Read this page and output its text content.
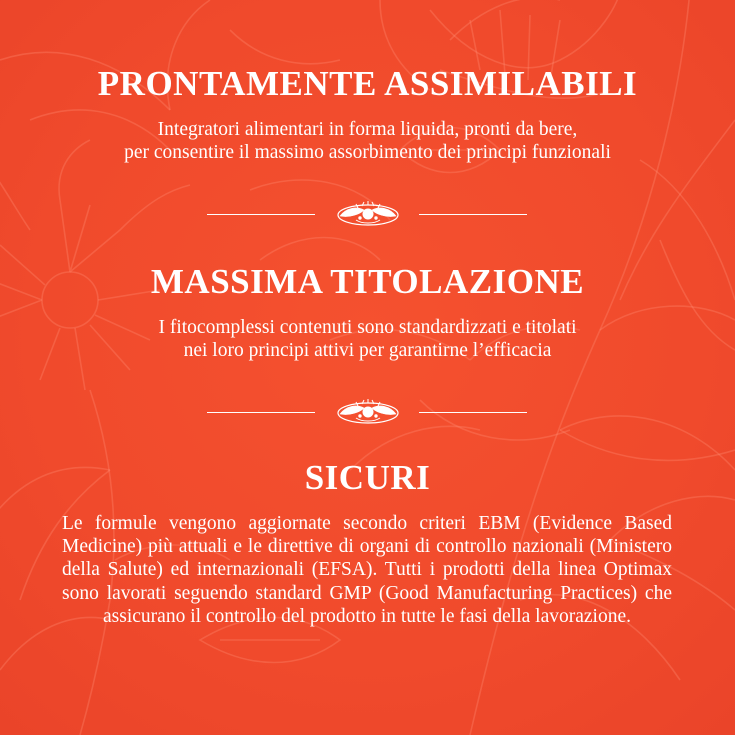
PRONTAMENTE ASSIMILABILI

Integratori alimentari in forma liquida, pronti da bere,
per consentire il massimo assorbimento dei principi funzionali

MASSIMA TITOLAZIONE

I fitocomplessi contenuti sono standardizzati e titolati
nei loro principi attivi per garantirne l’efficacia

SICURI

Le formule vengono aggiornate secondo criteri EBM (Evidence Based Medicine) più attuali e le direttive di organi di controllo nazionali (Ministero della Salute) ed internazionali (EFSA). Tutti i prodotti della linea Optimax sono lavorati seguendo standard GMP (Good Manufacturing Practices) che assicurano il controllo del prodotto in tutte le fasi della lavorazione.
